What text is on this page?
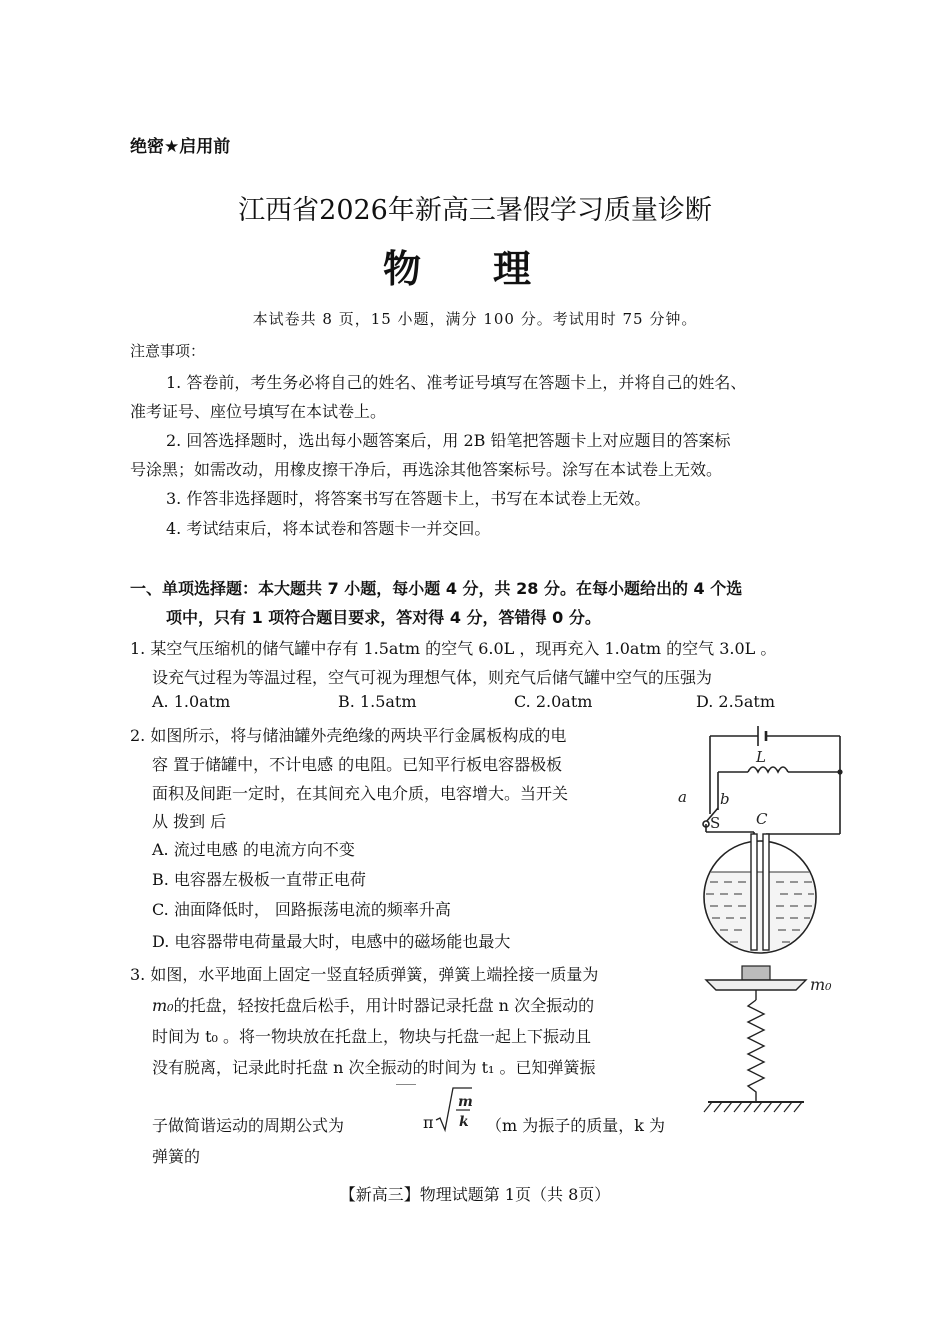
绝密★启用前
江西省2026年新高三暑假学习质量诊断
物理
本试卷共 8 页，15 小题，满分 100 分。考试用时 75 分钟。
注意事项：
1. 答卷前，考生务必将自己的姓名、准考证号填写在答题卡上，并将自己的姓名、
准考证号、座位号填写在本试卷上。
2. 回答选择题时，选出每小题答案后，用 2B 铅笔把答题卡上对应题目的答案标
号涂黑；如需改动，用橡皮擦干净后，再选涂其他答案标号。涂写在本试卷上无效。
3. 作答非选择题时，将答案书写在答题卡上，书写在本试卷上无效。
4. 考试结束后，将本试卷和答题卡一并交回。
一、单项选择题：本大题共 7 小题，每小题 4 分，共 28 分。在每小题给出的 4 个选
项中，只有 1 项符合题目要求，答对得 4 分，答错得 0 分。
1. 某空气压缩机的储气罐中存有 1.5atm 的空气 6.0L ，现再充入 1.0atm 的空气 3.0L 。
设充气过程为等温过程，空气可视为理想气体，则充气后储气罐中空气的压强为
A. 1.0atm	B. 1.5atm	C. 2.0atm	D. 2.5atm
2. 如图所示，将与储油罐外壳绝缘的两块平行金属板构成的电
容 置于储罐中，不计电感 的电阻。已知平行板电容器极板
面积及间距一定时，在其间充入电介质，电容增大。当开关
从 拨到 后
A. 流过电感 的电流方向不变
B. 电容器左极板一直带正电荷
C. 油面降低时， 回路振荡电流的频率升高
D. 电容器带电荷量最大时，电感中的磁场能也最大
a b
L
C
S
3. 如图，水平地面上固定一竖直轻质弹簧，弹簧上端拴接一质量为
m₀的托盘，轻按托盘后松手，用计时器记录托盘 n 次全振动的
时间为 t₀ 。将一物块放在托盘上，物块与托盘一起上下振动且
没有脱离，记录此时托盘 n 次全振动的时间为 t₁ 。已知弹簧振
子做简谐运动的周期公式为	π
m
k （m 为振子的质量，k 为
弹簧的
m₀
【新高三】物理试题第 1页（共 8页）
